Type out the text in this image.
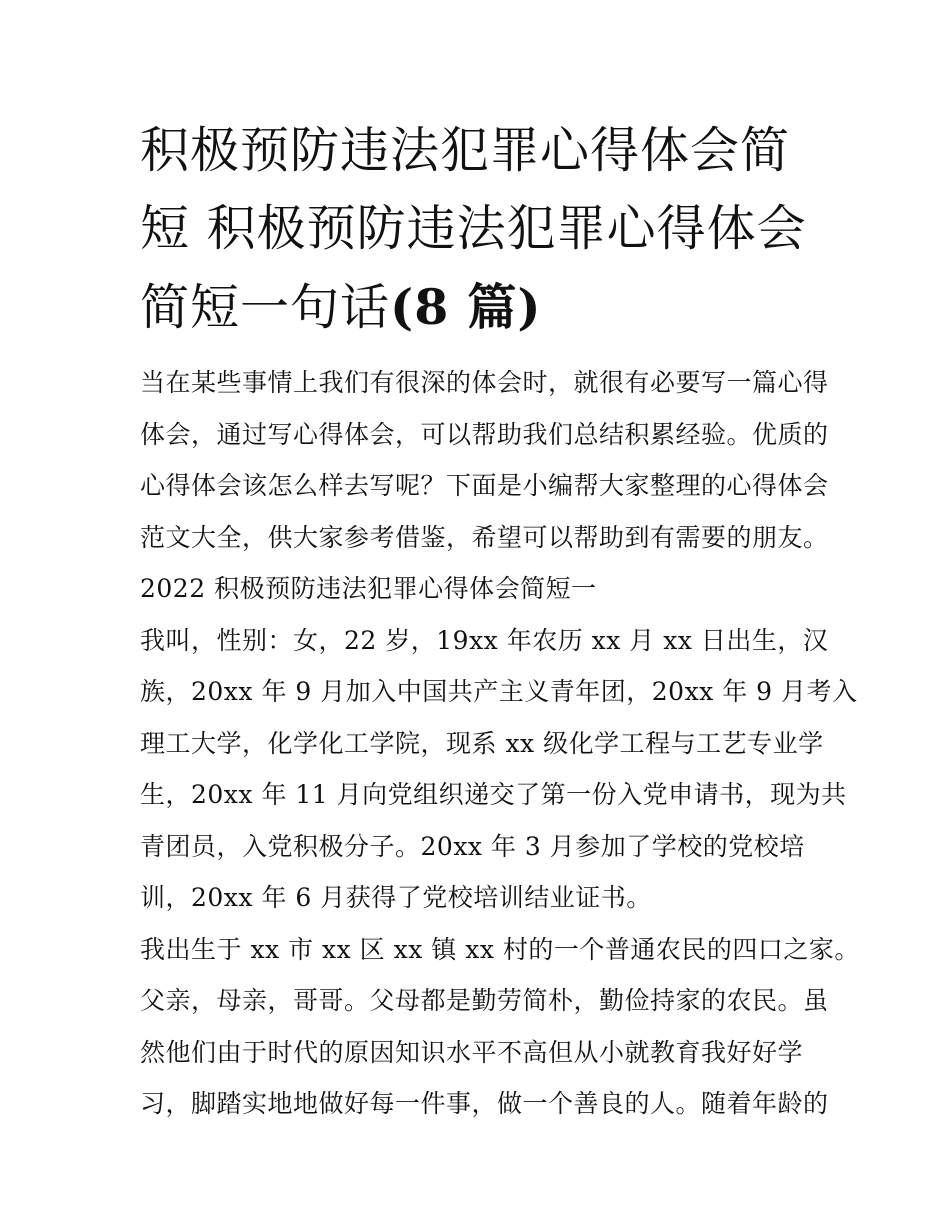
积极预防违法犯罪心得体会简
短 积极预防违法犯罪心得体会
简短一句话(8 篇)

当在某些事情上我们有很深的体会时，就很有必要写一篇心得
体会，通过写心得体会，可以帮助我们总结积累经验。优质的
心得体会该怎么样去写呢？下面是小编帮大家整理的心得体会
范文大全，供大家参考借鉴，希望可以帮助到有需要的朋友。

2022 积极预防违法犯罪心得体会简短一

我叫，性别：女，22 岁，19xx 年农历 xx 月 xx 日出生，汉
族，20xx 年 9 月加入中国共产主义青年团，20xx 年 9 月考入
理工大学，化学化工学院，现系 xx 级化学工程与工艺专业学
生，20xx 年 11 月向党组织递交了第一份入党申请书，现为共
青团员，入党积极分子。20xx 年 3 月参加了学校的党校培
训，20xx 年 6 月获得了党校培训结业证书。

我出生于 xx 市 xx 区 xx 镇 xx 村的一个普通农民的四口之家。
父亲，母亲，哥哥。父母都是勤劳简朴，勤俭持家的农民。虽
然他们由于时代的原因知识水平不高但从小就教育我好好学
习，脚踏实地地做好每一件事，做一个善良的人。随着年龄的
